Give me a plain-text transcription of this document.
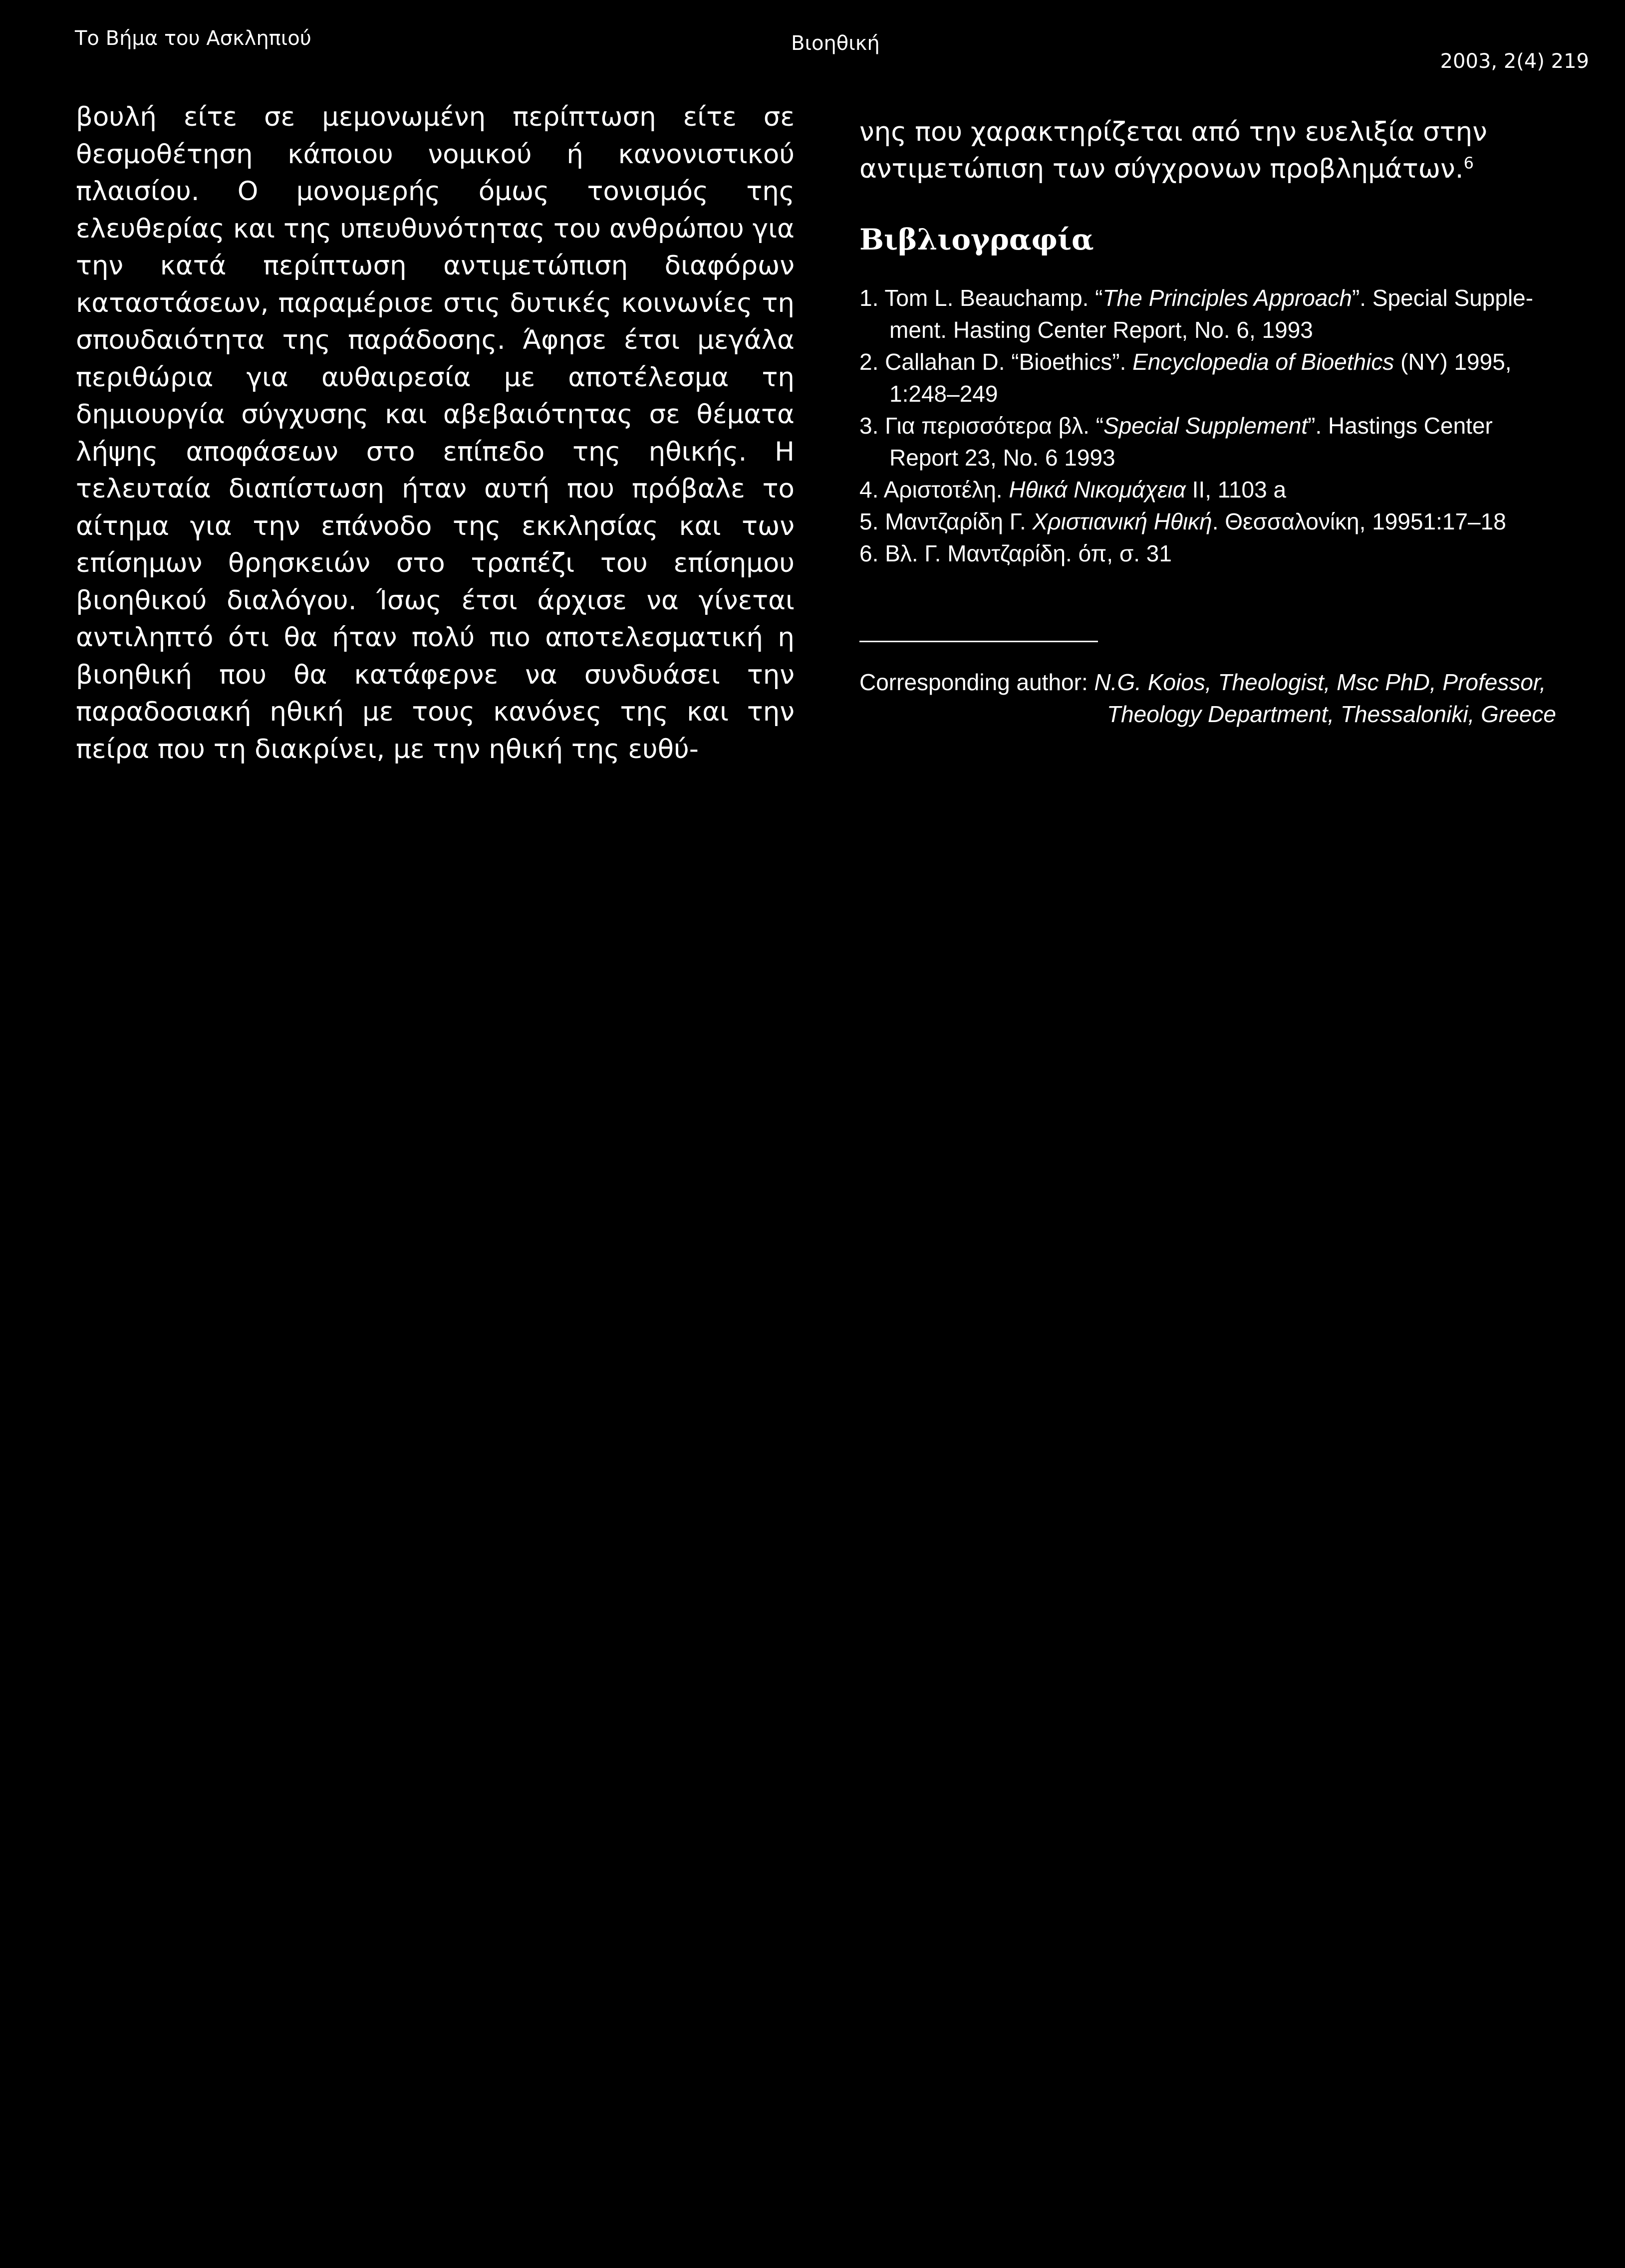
Το Βήμα του Ασκληπιού	Βιοηθική
2003, 2(4) 219

βουλή είτε σε μεμονωμένη περίπτωση είτε σε θεσμοθέτηση κάποιου νομικού ή κανονιστικού πλαισίου. Ο μονομερής όμως τονισμός της ελευθερίας και της υπευθυνότητας του ανθρώπου για την κατά περίπτωση αντιμετώπιση διαφόρων καταστάσεων, παραμέρισε στις δυτικές κοινωνίες τη σπουδαιότητα της παράδοσης. Άφησε έτσι μεγάλα περιθώρια για αυθαιρεσία με αποτέλεσμα τη δημιουργία σύγχυσης και αβεβαιότητας σε θέματα λήψης αποφάσεων στο επίπεδο της ηθικής. Η τελευταία διαπίστωση ήταν αυτή που πρόβαλε το αίτημα για την επάνοδο της εκκλησίας και των επίσημων θρησκειών στο τραπέζι του επίσημου βιοηθικού διαλόγου. Ίσως έτσι άρχισε να γίνεται αντιληπτό ότι θα ήταν πολύ πιο αποτελεσματική η βιοηθική που θα κατάφερνε να συνδυάσει την παραδοσιακή ηθική με τους κανόνες της και την πείρα που τη διακρίνει, με την ηθική της ευθύ-

νης που χαρακτηρίζεται από την ευελιξία στην αντιμετώπιση των σύγχρονων προβλημάτων.$^6$

Βιβλιογραφία
1. Tom L. Beauchamp. “The Principles Approach”. Special Supple-
ment. Hasting Center Report, No. 6, 1993
2. Callahan D. “Bioethics”. Encyclopedia of Bioethics (NY) 1995,
1:248–249
3. Για περισσότερα βλ. “Special Supplement”. Hastings Center
Report 23, No. 6 1993
4. Αριστοτέλη. Ηθικά Νικομάχεια ΙΙ, 1103 a
5. Μαντζαρίδη Γ. Χριστιανική Ηθική. Θεσσαλονίκη, 19951:17–18
6. Βλ. Γ. Μαντζαρίδη. όπ, σ. 31
Corresponding author: N.G. Koios, Theologist, Msc PhD, Professor,
Theology Department, Thessaloniki, Greece
